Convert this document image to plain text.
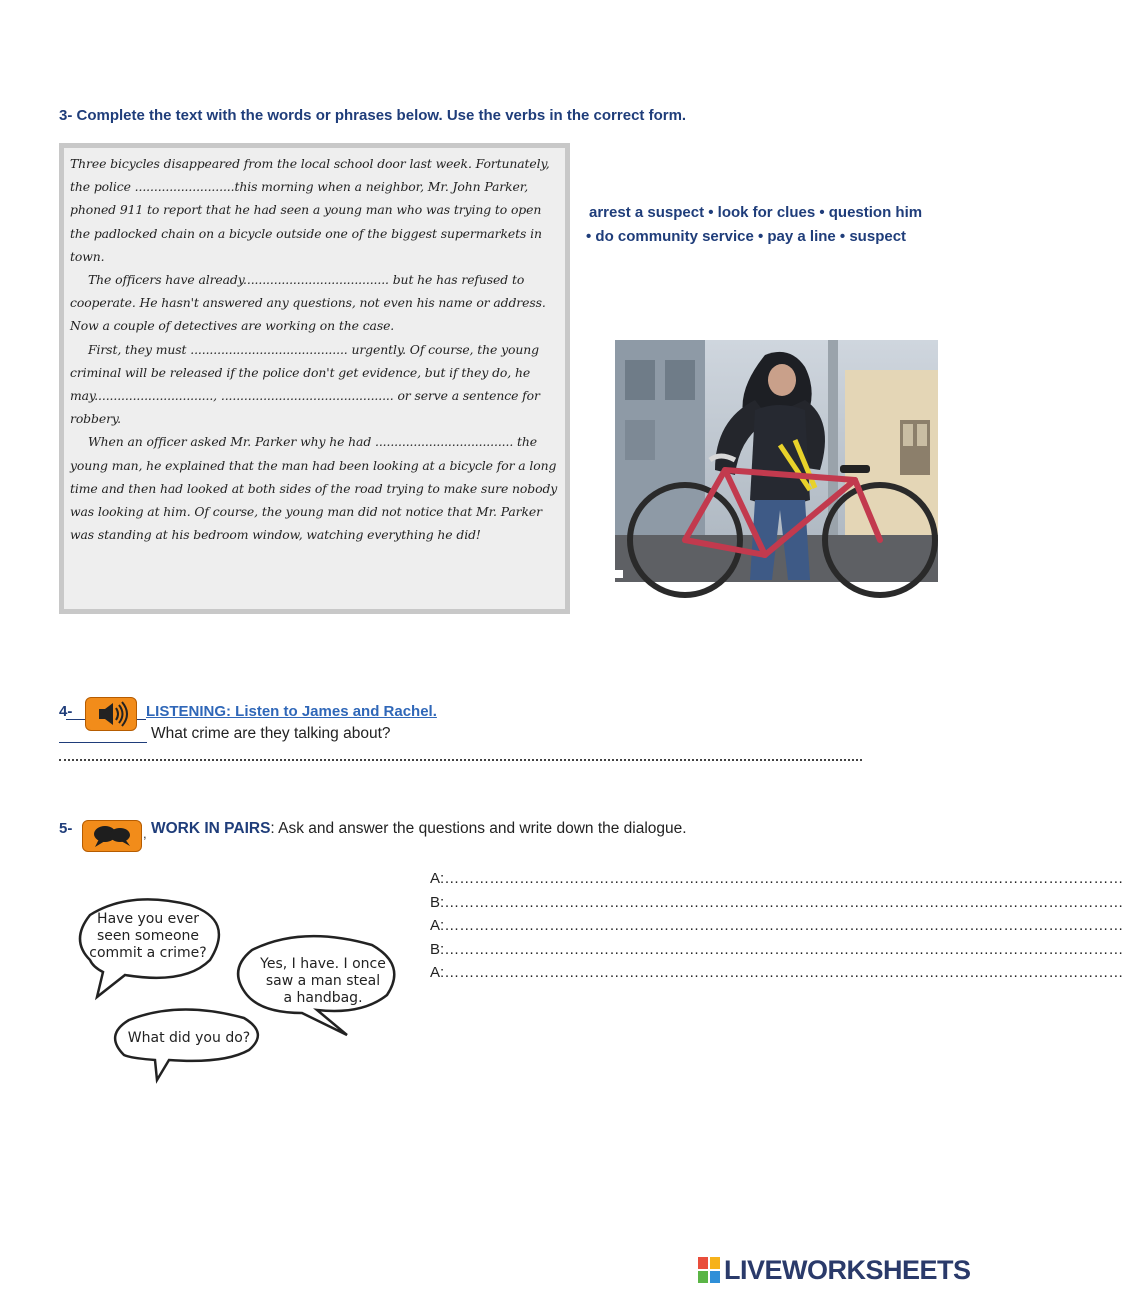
3- Complete the text with the words or phrases below. Use the verbs in the correct form.

Three bicycles disappeared from the local school door last week. Fortunately, the police ..........................this morning when a neighbor, Mr. John Parker, phoned 911 to report that he had seen a young man who was trying to open the padlocked chain on a bicycle outside one of the biggest supermarkets in town.

The officers have already...................................... but he has refused to cooperate. He hasn't answered any questions, not even his name or address. Now a couple of detectives are working on the case.

First, they must ......................................... urgently. Of course, the young criminal will be released if the police don't get evidence, but if they do, he may..............................., ............................................. or serve a sentence for robbery.

When an officer asked Mr. Parker why he had .................................... the young man, he explained that the man had been looking at a bicycle for a long time and then had looked at both sides of the road trying to make sure nobody was looking at him. Of course, the young man did not notice that Mr. Parker was standing at his bedroom window, watching everything he did!

arrest a suspect • look for clues • question him
• do community service • pay a line • suspect
4-	LISTENING: Listen to James and Rachel.
What crime are they talking about?
5-	, WORK IN PAIRS: Ask and answer the questions and write down the dialogue.
A: ……………………………………………………………………………………………….………………………
B: ……………………………………………………………………………………………….………………………
A: ……………………………………………………………………………………………….………………………
B: ……………………………………………………………………………………………….………………………
A: ……………………………………………………………………………………………….………………………
Have you ever
seen someone
commit a crime?
Yes, I have. I once
saw a man steal
a handbag.
What did you do?
LIVEWORKSHEETS
